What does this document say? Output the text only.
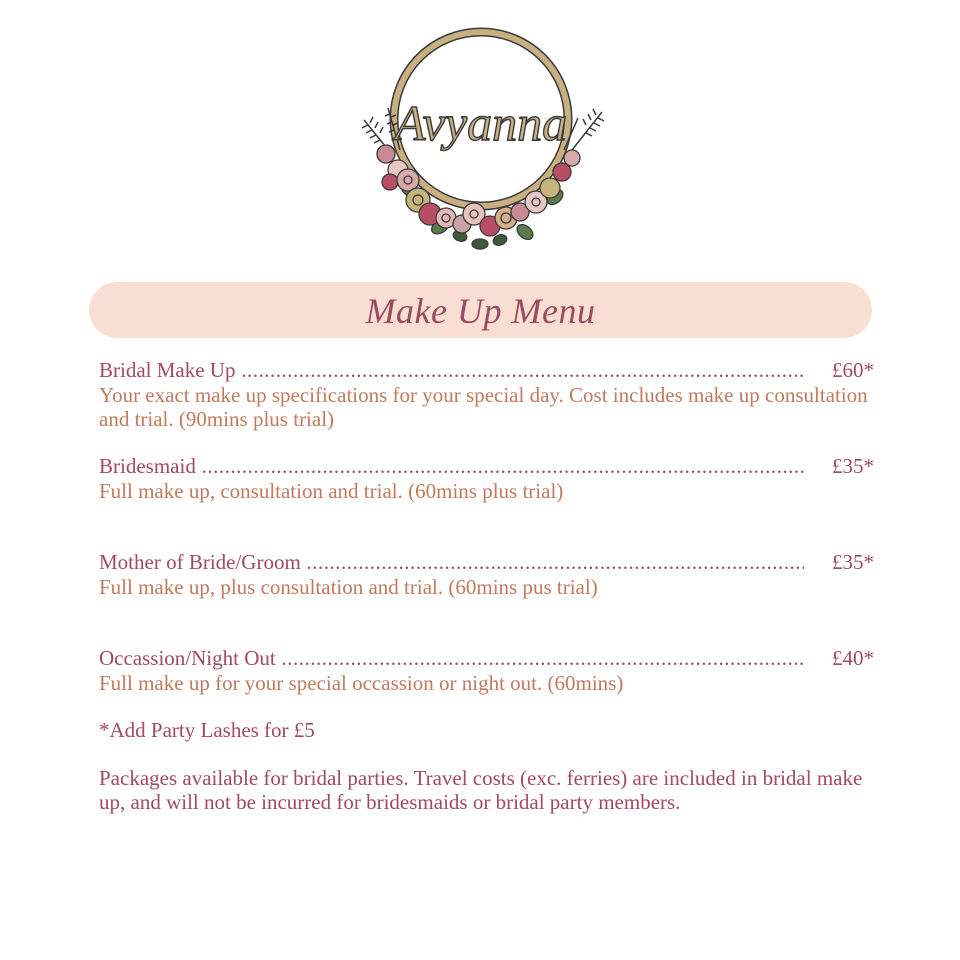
Avyanna
Make Up Menu
Bridal Make Up .....	£60*

Your exact make up specifications for your special day. Cost includes make up consultation and trial. (90mins plus trial)

Bridesmaid .....	£35*

Full make up, consultation and trial. (60mins plus trial)

Mother of Bride/Groom .....	£35*

Full make up, plus consultation and trial. (60mins pus trial)

Occassion/Night Out .....	£40*

Full make up for your special occassion or night out. (60mins)

*Add Party Lashes for £5

Packages available for bridal parties. Travel costs (exc. ferries) are included in bridal make up, and will not be incurred for bridesmaids or bridal party members.
